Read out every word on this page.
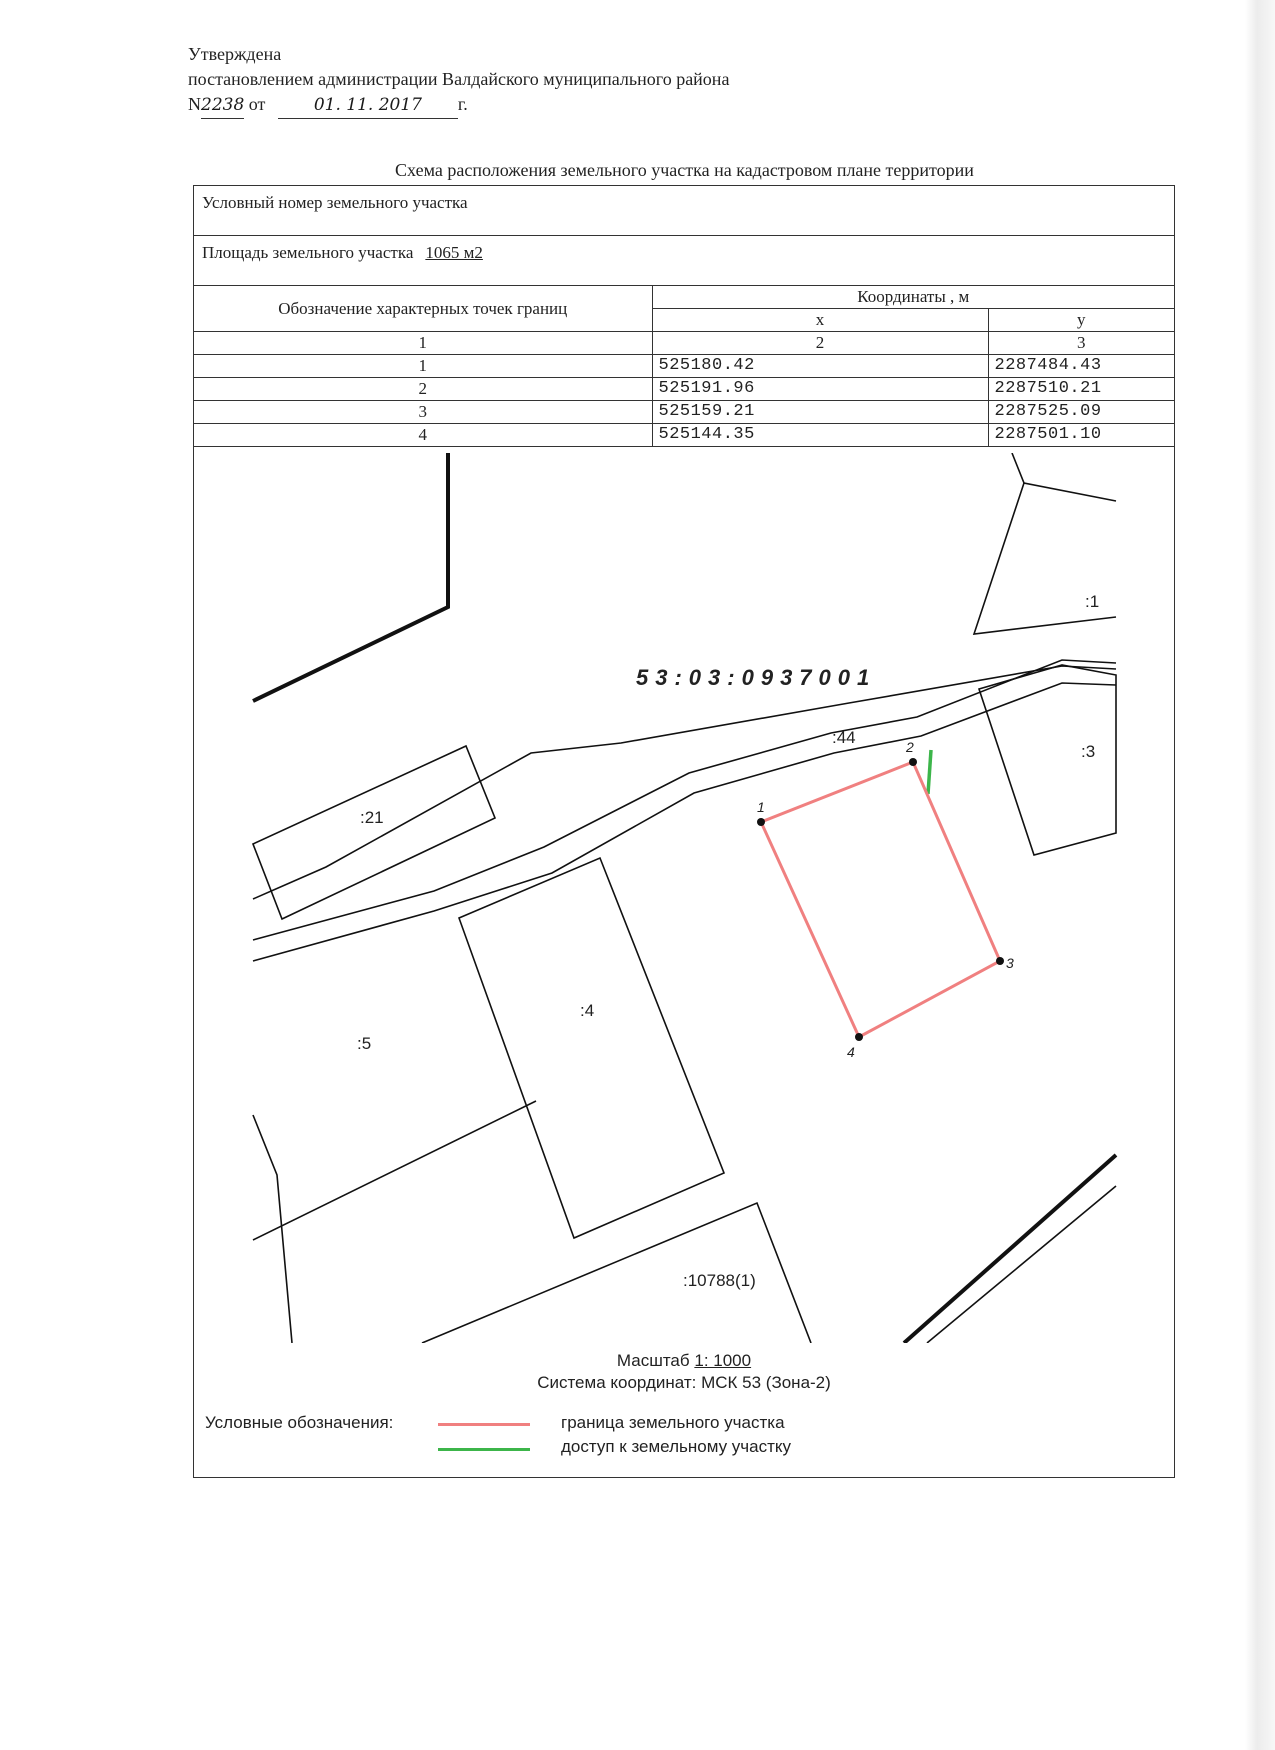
Утверждена
постановлением администрации Валдайского муниципального района
N2238 от	01. 11. 2017 г.
Схема расположения земельного участка на кадастровом плане территории
Условный номер земельного участка
Площадь земельного участка 1065 м2
Обозначение характерных точек границ	Координаты , м	
	x	y
1	2	3
1	525180.42	2287484.43
2	525191.96	2287510.21
3	525159.21	2287525.09
4	525144.35	2287501.10
53:03:0937001
:1
:44
:3
:21
:4
:5
:10788(1)
1
2
3
4
Масштаб 1: 1000
Система координат: МСК 53 (Зона-2)
Условные обозначения:	граница земельного участка
доступ к земельному участку
